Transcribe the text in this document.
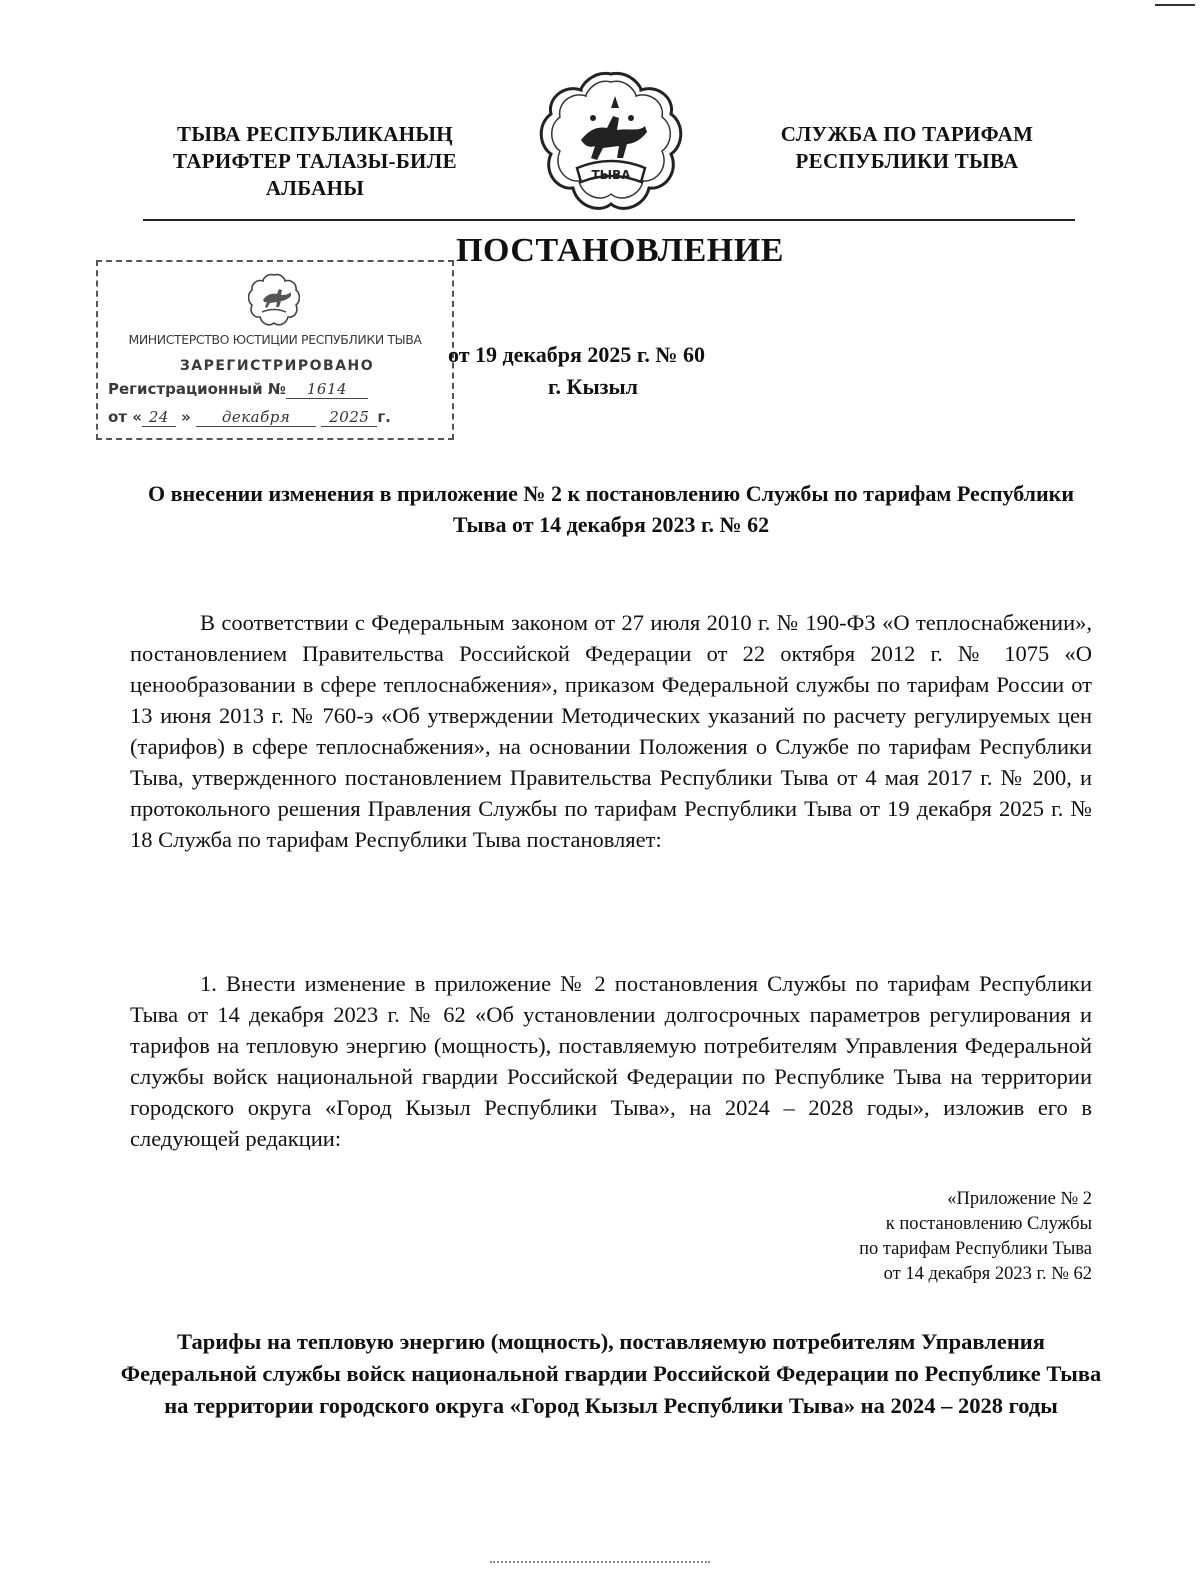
ТЫВА РЕСПУБЛИКАНЫҢ
ТАРИФТЕР ТАЛАЗЫ-БИЛЕ
АЛБАНЫ
ТЫВА
СЛУЖБА ПО ТАРИФАМ
РЕСПУБЛИКИ ТЫВА
ПОСТАНОВЛЕНИЕ
МИНИСТЕРСТВО ЮСТИЦИИ РЕСПУБЛИКИ ТЫВА
ЗАРЕГИСТРИРОВАНО
Регистрационный № 1614
от « 24 » декабря	2025 г.
от 19 декабря 2025 г. № 60
г. Кызыл
О внесении изменения в приложение № 2 к постановлению Службы по тарифам Республики Тыва от 14 декабря 2023 г. № 62
В соответствии с Федеральным законом от 27 июля 2010 г. № 190-ФЗ «О теплоснабжении», постановлением Правительства Российской Федерации от 22 октября 2012 г. № 1075 «О ценообразовании в сфере теплоснабжения», приказом Федеральной службы по тарифам России от 13 июня 2013 г. № 760-э «Об утверждении Методических указаний по расчету регулируемых цен (тарифов) в сфере теплоснабжения», на основании Положения о Службе по тарифам Республики Тыва, утвержденного постановлением Правительства Республики Тыва от 4 мая 2017 г. № 200, и протокольного решения Правления Службы по тарифам Республики Тыва от 19 декабря 2025 г. № 18 Служба по тарифам Республики Тыва постановляет:
1. Внести изменение в приложение № 2 постановления Службы по тарифам Республики Тыва от 14 декабря 2023 г. № 62 «Об установлении долгосрочных параметров регулирования и тарифов на тепловую энергию (мощность), поставляемую потребителям Управления Федеральной службы войск национальной гвардии Российской Федерации по Республике Тыва на территории городского округа «Город Кызыл Республики Тыва», на 2024 – 2028 годы», изложив его в следующей редакции:
«Приложение № 2
к постановлению Службы
по тарифам Республики Тыва
от 14 декабря 2023 г. № 62
Тарифы на тепловую энергию (мощность), поставляемую потребителям Управления Федеральной службы войск национальной гвардии Российской Федерации по Республике Тыва на территории городского округа «Город Кызыл Республики Тыва» на 2024 – 2028 годы
